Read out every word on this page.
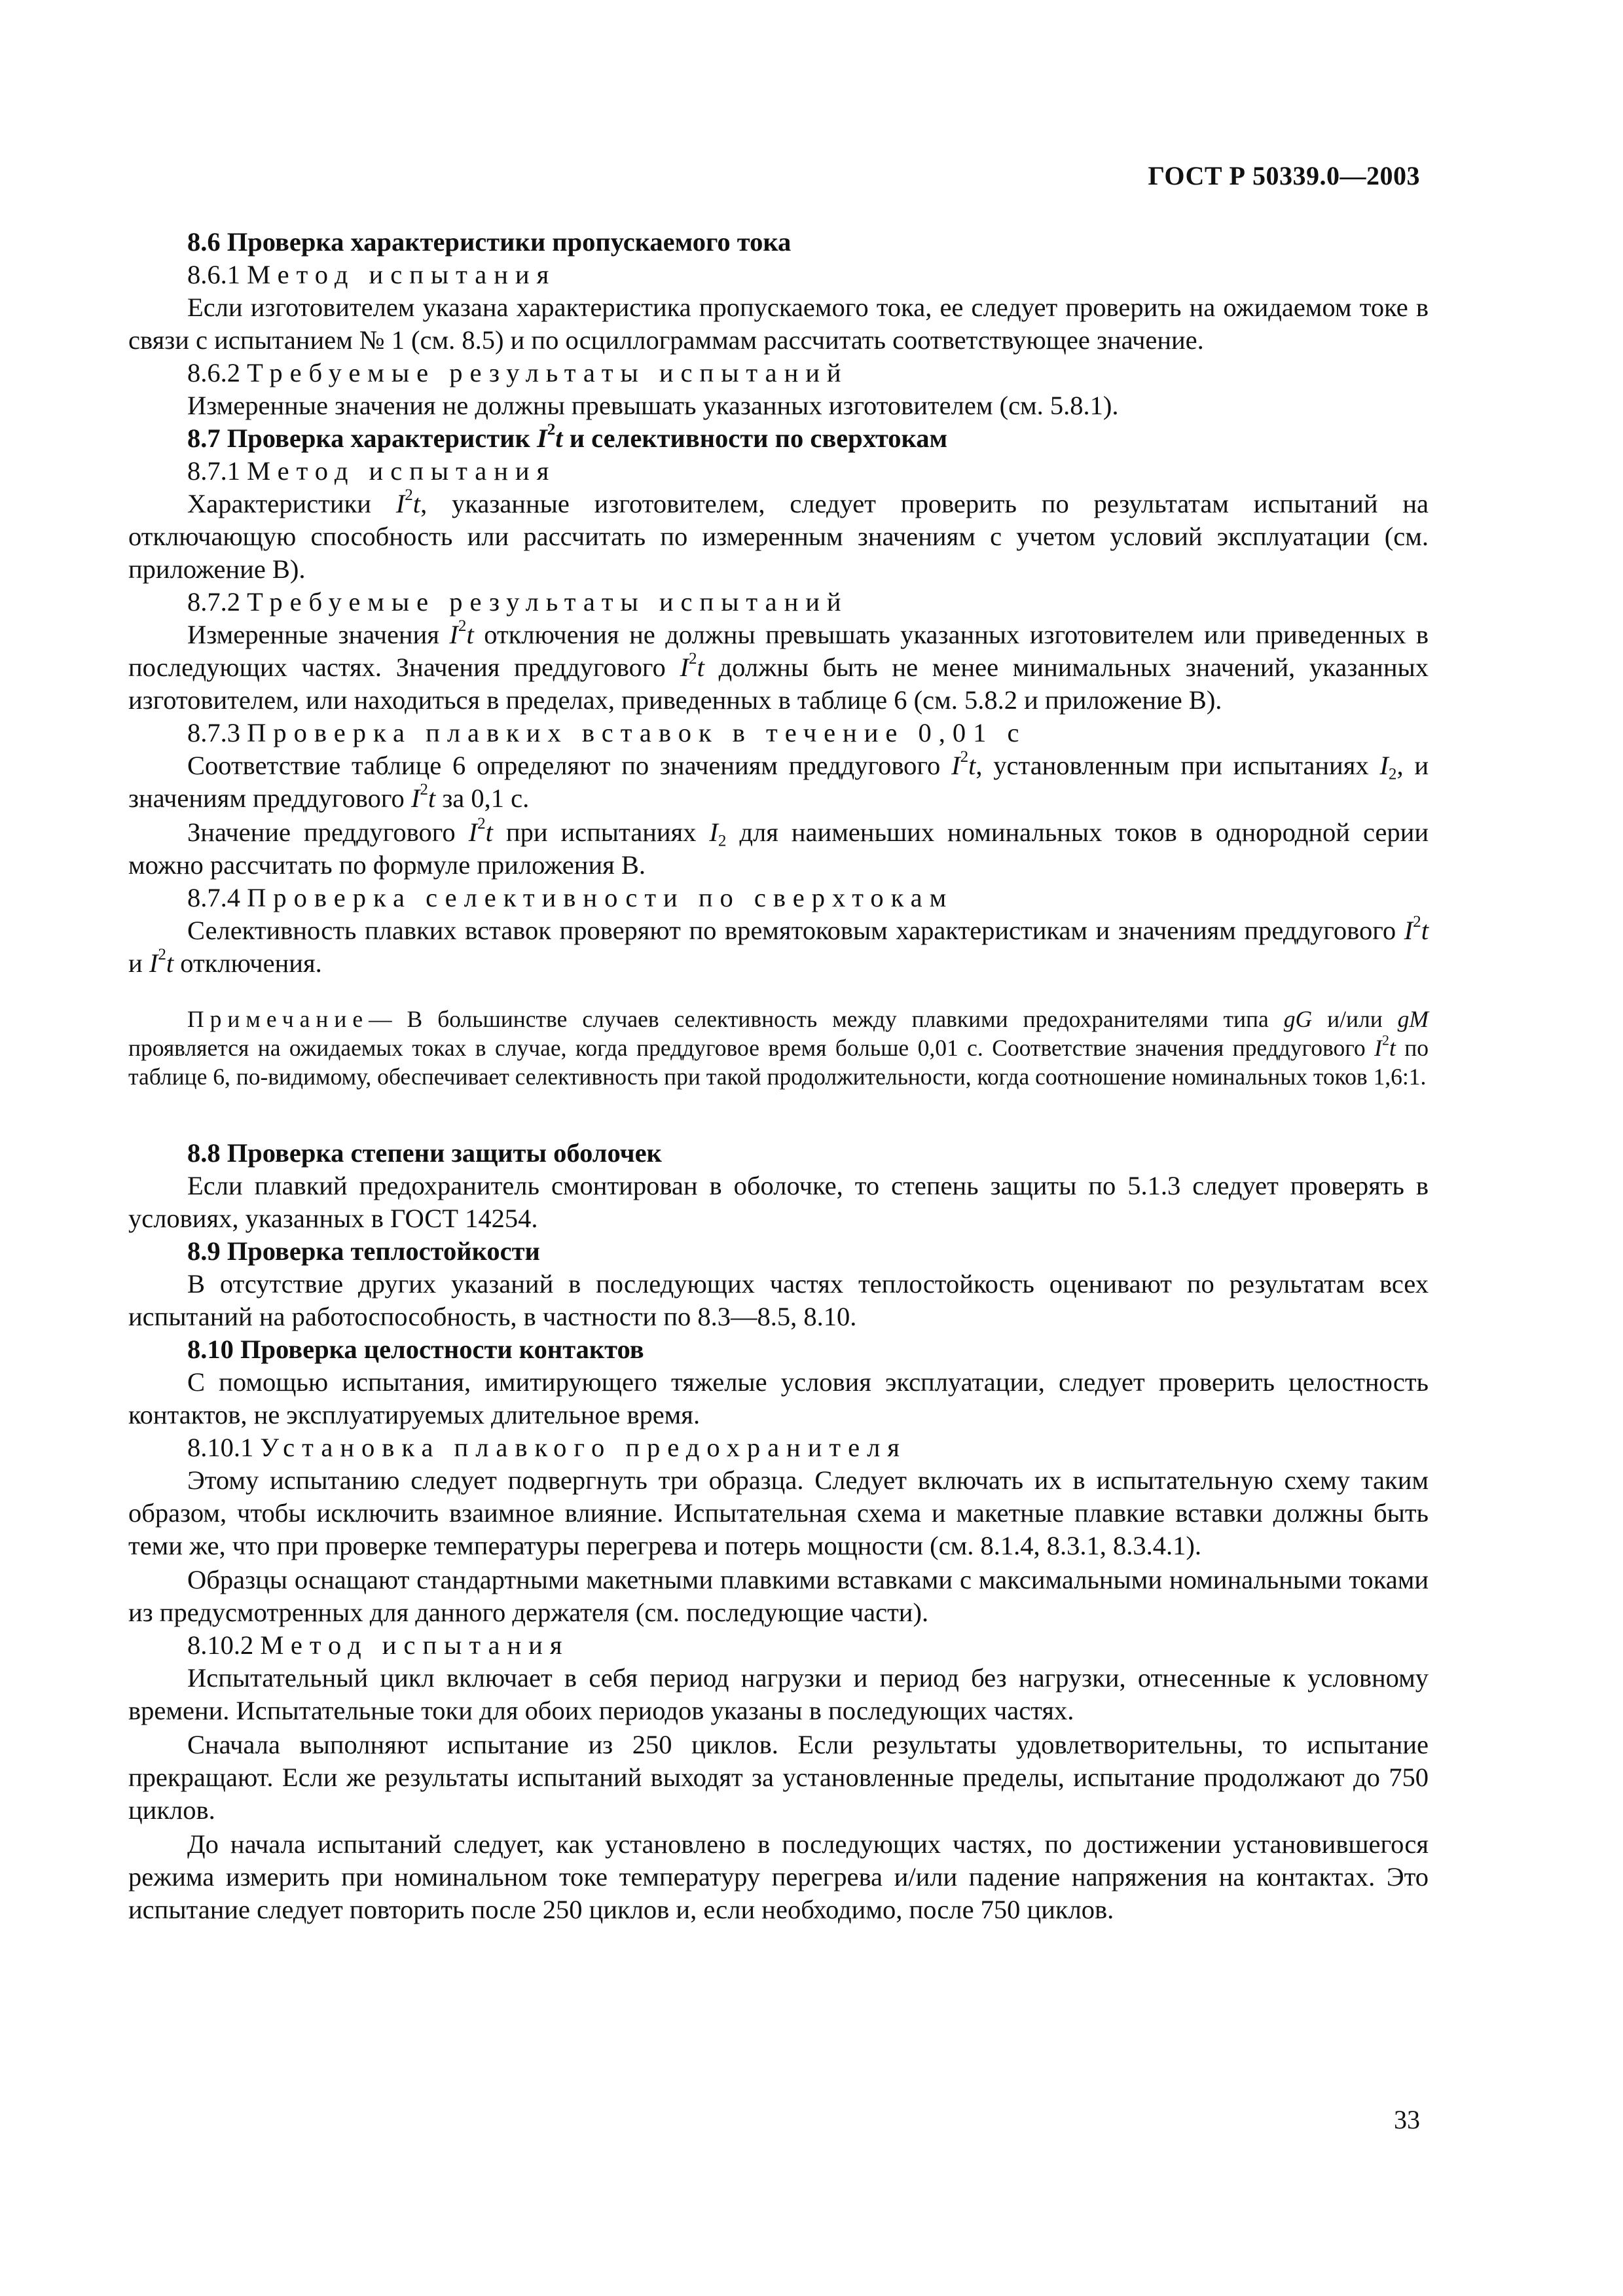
ГОСТ Р 50339.0—2003

8.6 Проверка характеристики пропускаемого тока

8.6.1 Метод испытания

Если изготовителем указана характеристика пропускаемого тока, ее следует проверить на ожидаемом токе в связи с испытанием № 1 (см. 8.5) и по осциллограммам рассчитать соответствующее значение.

8.6.2 Требуемые результаты испытаний

Измеренные значения не должны превышать указанных изготовителем (см. 5.8.1).

8.7 Проверка характеристик $I^2t$ и селективности по сверхтокам

8.7.1 Метод испытания

Характеристики $I^2t$, указанные изготовителем, следует проверить по результатам испытаний на отключающую способность или рассчитать по измеренным значениям с учетом условий эксплуатации (см. приложение В).

8.7.2 Требуемые результаты испытаний

Измеренные значения $I^2t$ отключения не должны превышать указанных изготовителем или приведенных в последующих частях. Значения преддугового $I^2t$ должны быть не менее минимальных значений, указанных изготовителем, или находиться в пределах, приведенных в таблице 6 (см. 5.8.2 и приложение В).

8.7.3 Проверка плавких вставок в течение 0,01 с

Соответствие таблице 6 определяют по значениям преддугового $I^2t$, установленным при испытаниях $I_2$, и значениям преддугового $I^2t$ за 0,1 с.

Значение преддугового $I^2t$ при испытаниях $I_2$ для наименьших номинальных токов в однородной серии можно рассчитать по формуле приложения В.

8.7.4 Проверка селективности по сверхтокам

Селективность плавких вставок проверяют по времятоковым характеристикам и значениям преддугового $I^2t$ и $I^2t$ отключения.

Примечание— В большинстве случаев селективность между плавкими предохранителями типа gG и/или gM проявляется на ожидаемых токах в случае, когда преддуговое время больше 0,01 с. Соответствие значения преддугового $I^2t$ по таблице 6, по-видимому, обеспечивает селективность при такой продолжительности, когда соотношение номинальных токов 1,6:1.

8.8 Проверка степени защиты оболочек

Если плавкий предохранитель смонтирован в оболочке, то степень защиты по 5.1.3 следует проверять в условиях, указанных в ГОСТ 14254.

8.9 Проверка теплостойкости

В отсутствие других указаний в последующих частях теплостойкость оценивают по результатам всех испытаний на работоспособность, в частности по 8.3—8.5, 8.10.

8.10 Проверка целостности контактов

С помощью испытания, имитирующего тяжелые условия эксплуатации, следует проверить целостность контактов, не эксплуатируемых длительное время.

8.10.1 Установка плавкого предохранителя

Этому испытанию следует подвергнуть три образца. Следует включать их в испытательную схему таким образом, чтобы исключить взаимное влияние. Испытательная схема и макетные плавкие вставки должны быть теми же, что при проверке температуры перегрева и потерь мощности (см. 8.1.4, 8.3.1, 8.3.4.1).

Образцы оснащают стандартными макетными плавкими вставками с максимальными номинальными токами из предусмотренных для данного держателя (см. последующие части).

8.10.2 Метод испытания

Испытательный цикл включает в себя период нагрузки и период без нагрузки, отнесенные к условному времени. Испытательные токи для обоих периодов указаны в последующих частях.

Сначала выполняют испытание из 250 циклов. Если результаты удовлетворительны, то испытание прекращают. Если же результаты испытаний выходят за установленные пределы, испытание продолжают до 750 циклов.

До начала испытаний следует, как установлено в последующих частях, по достижении установившегося режима измерить при номинальном токе температуру перегрева и/или падение напряжения на контактах. Это испытание следует повторить после 250 циклов и, если необходимо, после 750 циклов.

33
